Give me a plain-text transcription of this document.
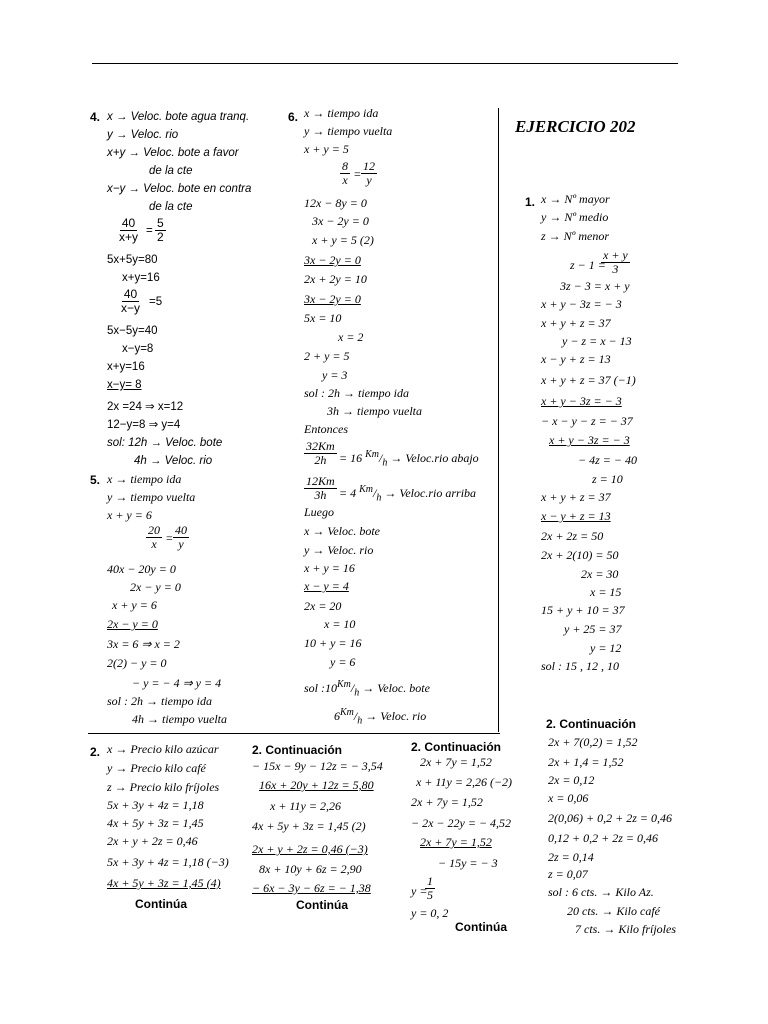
EJERCICIO 202
4. x → Veloc. bote agua tranq.
y → Veloc. rio
x+y → Veloc. bote a favor
de la cte
x−y → Veloc. bote en contra
de la cte
$\frac{40}{x+y} = \frac{5}{2}$
5x+5y=80
x+y=16
$\frac{40}{x-y} =5$
5x−5y=40
x−y=8
x+y=16
x−y= 8
2x =24 ⇒ x=12
12−y=8 ⇒ y=4
sol: 12h → Veloc. bote
4h → Veloc. rio
5. x → tiempo ida
y → tiempo vuelta
x + y = 6
$\frac{20}{x} = \frac{40}{y}$
40x − 20y = 0
2x − y = 0
x + y = 6
2x − y = 0
3x = 6 ⇒ x = 2
2(2) − y = 0
− y = − 4 ⇒ y = 4
sol : 2h → tiempo ida
4h → tiempo vuelta
6. x → tiempo ida
y → tiempo vuelta
x + y = 5
$\frac{8}{x} = \frac{12}{y}$
12x − 8y = 0
3x − 2y = 0
x + y = 5 (2)
3x − 2y = 0
2x + 2y = 10
3x − 2y = 0
5x = 10
x = 2
2 + y = 5
y = 3
sol : 2h → tiempo ida
3h → tiempo vuelta
Entonces
$\frac{32Km}{2h} = 16$ $^{Km}/_h$ → Veloc.rio abajo
$\frac{12Km}{3h} = 4$ $^{Km}/_h$ → Veloc.rio arriba
Luego
x → Veloc. bote
y → Veloc. rio
x + y = 16
x − y = 4
2x = 20
x = 10
10 + y = 16
y = 6
sol $:10^{Km}/_h$ → Veloc. bote
$6^{Km}/_h$ → Veloc. rio
1. x → Nº mayor
y → Nº medio
z → Nº menor
z − 1 =
$\frac{x + y}{3}$
3z − 3 = x + y
x + y − 3z = − 3
x + y + z = 37
y − z = x − 13
x − y + z = 13
x + y + z = 37 (−1)
x + y − 3z = − 3
− x − y − z = − 37
x + y − 3z = − 3
− 4z = − 40
z = 10
x + y + z = 37
x − y + z = 13
2x + 2z = 50
2x + 2(10) = 50
2x = 30
x = 15
15 + y + 10 = 37
y + 25 = 37
y = 12
sol : 15 , 12 , 10
2. x → Precio kilo azúcar
y → Precio kilo café
z → Precio kilo fríjoles
5x + 3y + 4z = 1,18
4x + 5y + 3z = 1,45
2x + y + 2z = 0,46
5x + 3y + 4z = 1,18 (−3)
4x + 5y + 3z = 1,45 (4)
Continúa
2. Continuación
− 15x − 9y − 12z = − 3,54
16x + 20y + 12z = 5,80
x + 11y = 2,26
4x + 5y + 3z = 1,45 (2)
2x + y + 2z = 0,46 (−3)
8x + 10y + 6z = 2,90
− 6x − 3y − 6z = − 1,38
Continúa
2. Continuación
2x + 7y = 1,52
x + 11y = 2,26 (−2)
2x + 7y = 1,52
− 2x − 22y = − 4,52
2x + 7y = 1,52
− 15y = − 3
y =
$\frac{1}{5}$
y = 0, 2
Continúa
2. Continuación
2x + 7(0,2) = 1,52
2x + 1,4 = 1,52
2x = 0,12
x = 0,06
2(0,06) + 0,2 + 2z = 0,46
0,12 + 0,2 + 2z = 0,46
2z = 0,14
z = 0,07
sol : 6 cts. → Kilo Az.
20 cts. → Kilo café
7 cts. → Kilo fríjoles
